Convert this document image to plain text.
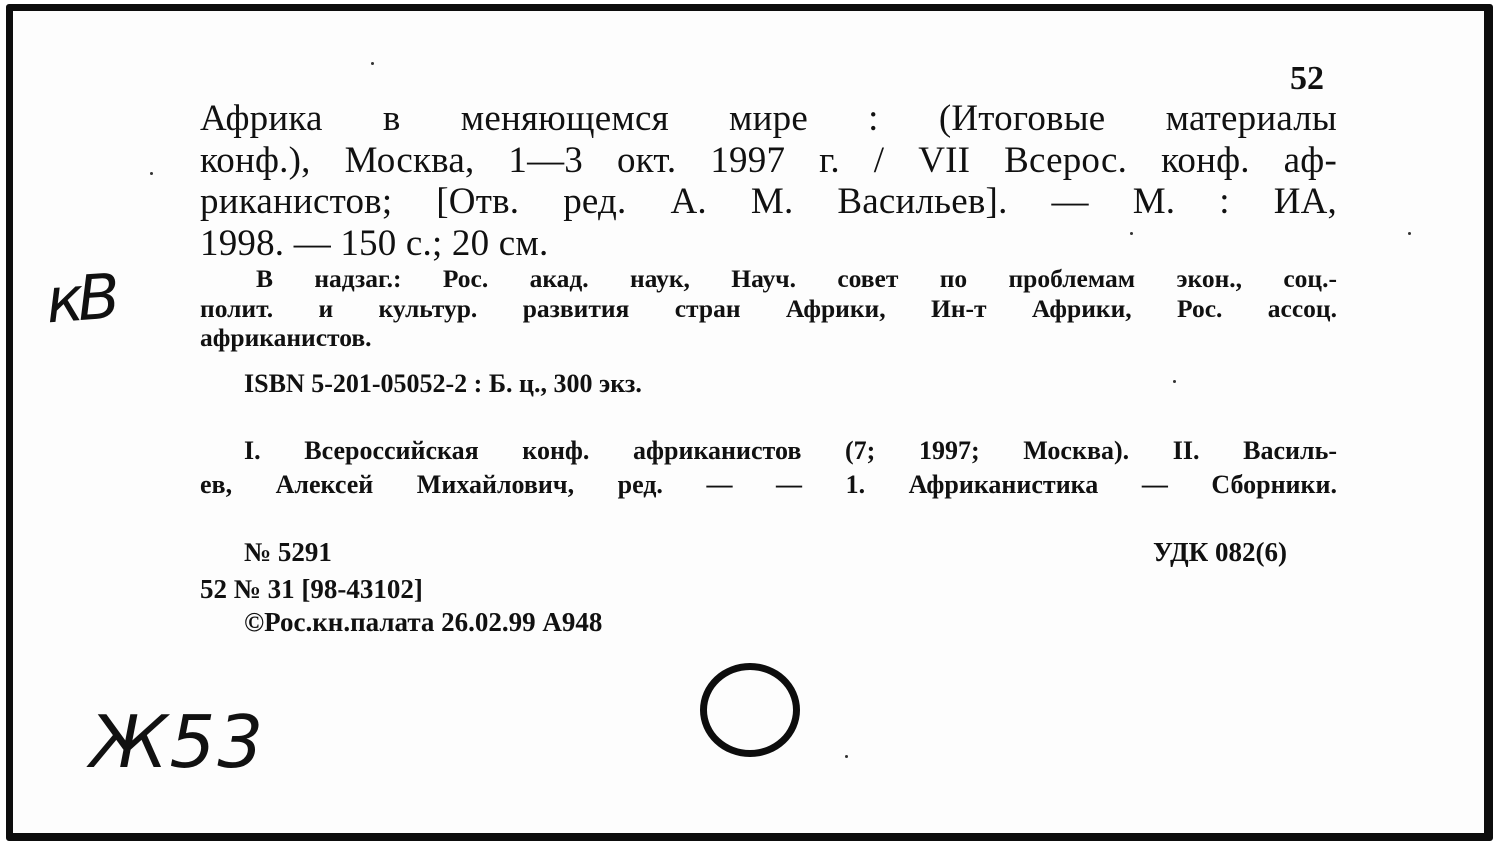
52
Африка в меняющемся мире : (Итоговые материалы
конф.), Москва, 1—3 окт. 1997 г. / VII Всерос. конф. аф-
риканистов; [Отв. ред. А. М. Васильев]. — М. : ИА,
1998. — 150 с.; 20 см.
В надзаг.: Рос. акад. наук, Науч. совет по проблемам экон., соц.-
полит. и культур. развития стран Африки, Ин-т Африки, Рос. ассоц.
африканистов.
ISBN 5-201-05052-2 : Б. ц., 300 экз.
I. Всероссийская конф. африканистов (7; 1997; Москва). II. Василь-
ев, Алексей Михайлович, ред. — — 1. Африканистика — Сборники.
№ 5291	УДК 082(6)
52 № 31 [98-43102]
©Рос.кн.палата 26.02.99 А948
кВ
Ж53
